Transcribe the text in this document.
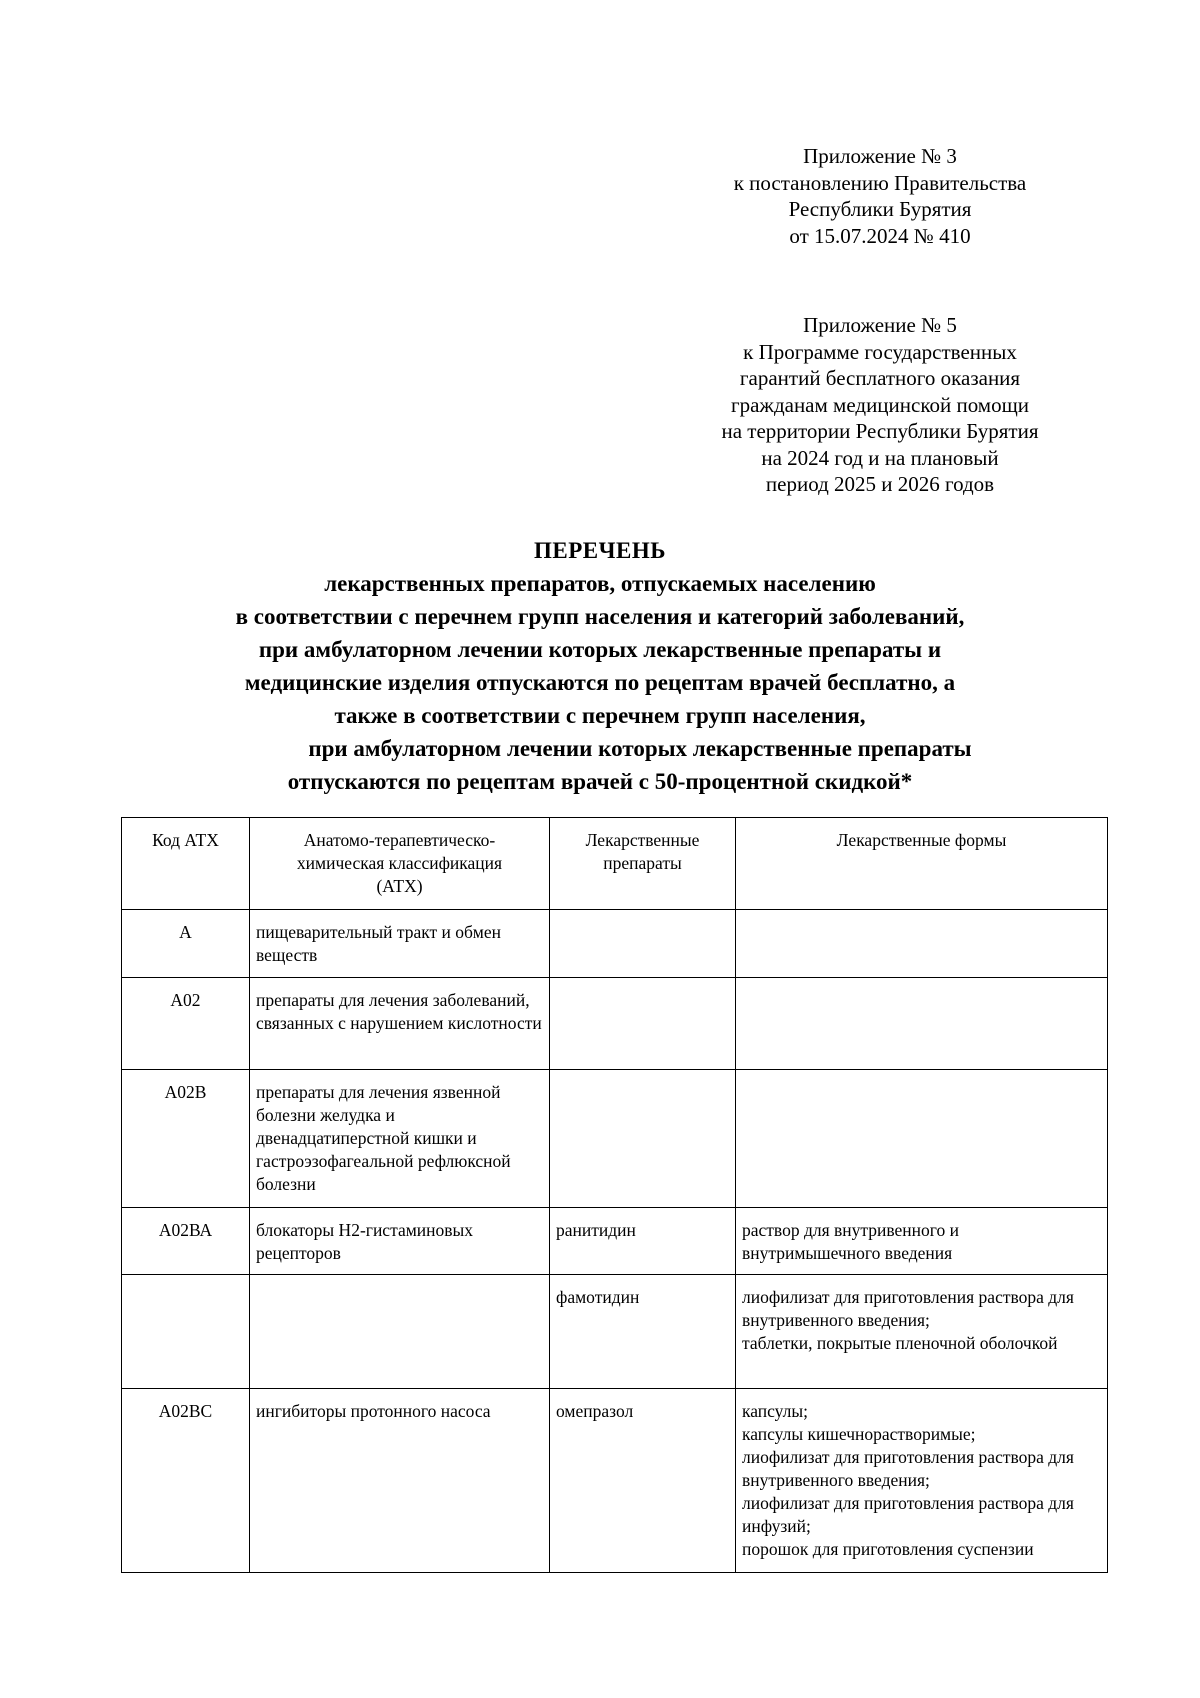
Приложение № 3
к постановлению Правительства
Республики Бурятия
от 15.07.2024 № 410
Приложение № 5
к Программе государственных
гарантий бесплатного оказания
гражданам медицинской помощи
на территории Республики Бурятия
на 2024 год и на плановый
период 2025 и 2026 годов
ПЕРЕЧЕНЬ
лекарственных препаратов, отпускаемых населению
в соответствии с перечнем групп населения и категорий заболеваний,
при амбулаторном лечении которых лекарственные препараты и
медицинские изделия отпускаются по рецептам врачей бесплатно, а
также в соответствии с перечнем групп населения,
при амбулаторном лечении которых лекарственные препараты
отпускаются по рецептам врачей с 50-процентной скидкой*
Код АТХ	Анатомо-терапевтическо-химическая классификация (АТХ)	Лекарственные препараты	Лекарственные формы
А	пищеварительный тракт и обмен веществ		
А02	препараты для лечения заболеваний, связанных с нарушением кислотности		
А02В	препараты для лечения язвенной болезни желудка и двенадцатиперстной кишки и гастроэзофагеальной рефлюксной болезни		
А02ВА	блокаторы Н2-гистаминовых рецепторов	ранитидин	раствор для внутривенного и внутримышечного введения

		фамотидин	лиофилизат для приготовления раствора для внутривенного введения;
таблетки, покрытые пленочной оболочкой

А02ВС	ингибиторы протонного насоса	омепразол	капсулы;
капсулы кишечнорастворимые;
лиофилизат для приготовления раствора для внутривенного введения;
лиофилизат для приготовления раствора для инфузий;
порошок для приготовления суспензии
